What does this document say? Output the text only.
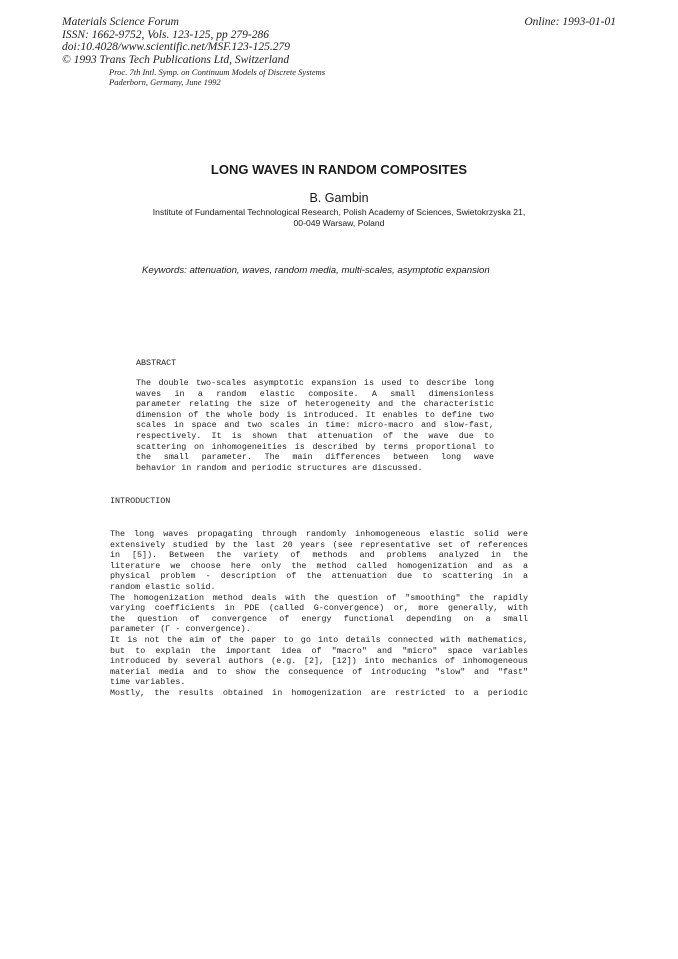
Materials Science Forum
ISSN: 1662-9752, Vols. 123-125, pp 279-286
doi:10.4028/www.scientific.net/MSF.123-125.279
© 1993 Trans Tech Publications Ltd, Switzerland
Online: 1993-01-01
Proc. 7th Intl. Symp. on Continuum Models of Discrete Systems
Paderborn, Germany, June 1992
LONG WAVES IN RANDOM COMPOSITES
B. Gambin
Institute of Fundamental Technological Research, Polish Academy of Sciences, Swietokrzyska 21,
00-049 Warsaw, Poland
Keywords: attenuation, waves, random media, multi-scales, asymptotic expansion
ABSTRACT
The double two-scales asymptotic expansion is used to describe long
waves in a random elastic composite. A small dimensionless
parameter relating the size of heterogeneity and the characteristic
dimension of the whole body is introduced. It enables to define two
scales in space and two scales in time: micro-macro and slow-fast,
respectively. It is shown that attenuation of the wave due to
scattering on inhomogeneities is described by terms proportional to
the small parameter. The main differences between long wave
behavior in random and periodic structures are discussed.
INTRODUCTION
The long waves propagating through randomly inhomogeneous elastic solid were
extensively studied by the last 20 years (see representative set of references
in [5]). Between the variety of methods and problems analyzed in the
literature we choose here only the method called homogenization and as a
physical problem - description of the attenuation due to scattering in a
random elastic solid.
The homogenization method deals with the question of "smoothing" the rapidly
varying coefficients in PDE (called G-convergence) or, more generally, with
the question of convergence of energy functional depending on a small
parameter (Γ - convergence).
It is not the aim of the paper to go into details connected with mathematics,
but to explain the important idea of "macro" and "micro" space variables
introduced by several authors (e.g. [2], [12]) into mechanics of inhomogeneous
material media and to show the consequence of introducing "slow" and "fast"
time variables.
Mostly, the results obtained in homogenization are restricted to a periodic
